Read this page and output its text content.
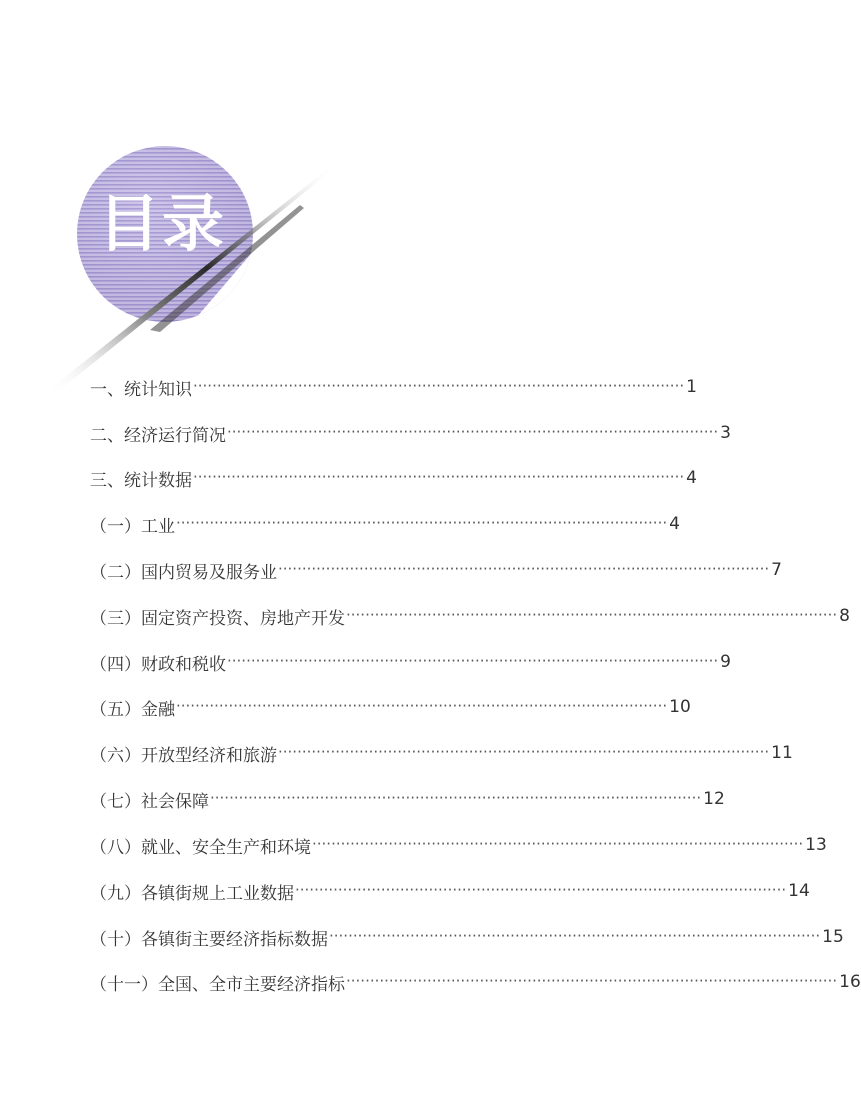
目录
一、统计知识 ······································································································· 1
二、经济运行简况 ······································································································· 3
三、统计数据 ······································································································· 4
（一）工业 ······································································································· 4
（二）国内贸易及服务业 ······································································································· 7
（三）固定资产投资、房地产开发 ······································································································· 8
（四）财政和税收 ······································································································· 9
（五）金融 ······································································································· 10
（六）开放型经济和旅游 ······································································································· 11
（七）社会保障 ······································································································· 12
（八）就业、安全生产和环境 ······································································································· 13
（九）各镇街规上工业数据 ······································································································· 14
（十）各镇街主要经济指标数据 ······································································································· 15
（十一）全国、全市主要经济指标 ······································································································· 16
